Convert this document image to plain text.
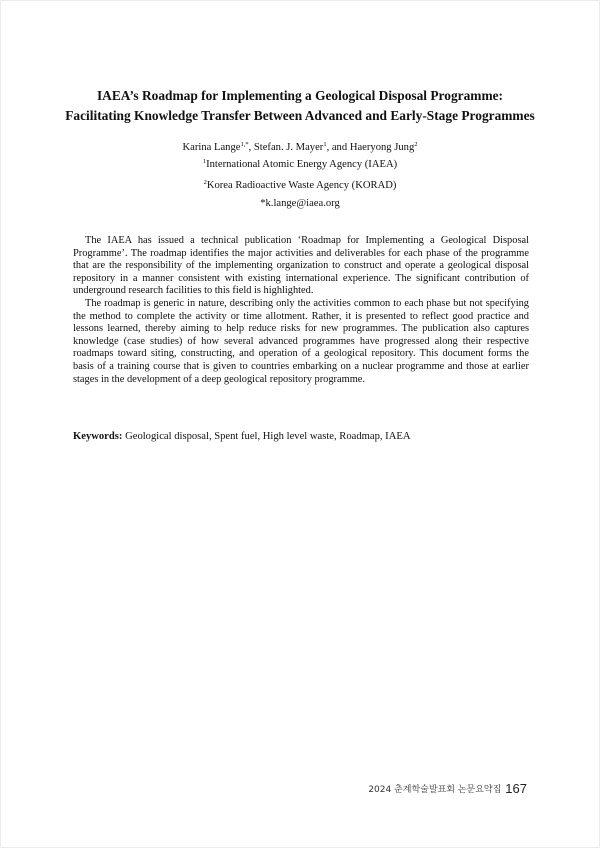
IAEA’s Roadmap for Implementing a Geological Disposal Programme:
Facilitating Knowledge Transfer Between Advanced and Early-Stage Programmes
Karina Lange$^{1,*}$, Stefan. J. Mayer$^1$, and Haeryong Jung$^2$
$^1$International Atomic Energy Agency (IAEA)
$^2$Korea Radioactive Waste Agency (KORAD)
*k.lange@iaea.org

The IAEA has issued a technical publication ‘Roadmap for Implementing a Geological Disposal Programme’. The roadmap identifies the major activities and deliverables for each phase of the programme that are the responsibility of the implementing organization to construct and operate a geological disposal repository in a manner consistent with existing international experience. The significant contribution of underground research facilities to this field is highlighted.

The roadmap is generic in nature, describing only the activities common to each phase but not specifying the method to complete the activity or time allotment. Rather, it is presented to reflect good practice and lessons learned, thereby aiming to help reduce risks for new programmes. The publication also captures knowledge (case studies) of how several advanced programmes have progressed along their respective roadmaps toward siting, constructing, and operation of a geological repository. This document forms the basis of a training course that is given to countries embarking on a nuclear programme and those at earlier stages in the development of a deep geological repository programme.

Keywords: Geological disposal, Spent fuel, High level waste, Roadmap, IAEA
2024 춘계학술발표회 논문요약집 167
